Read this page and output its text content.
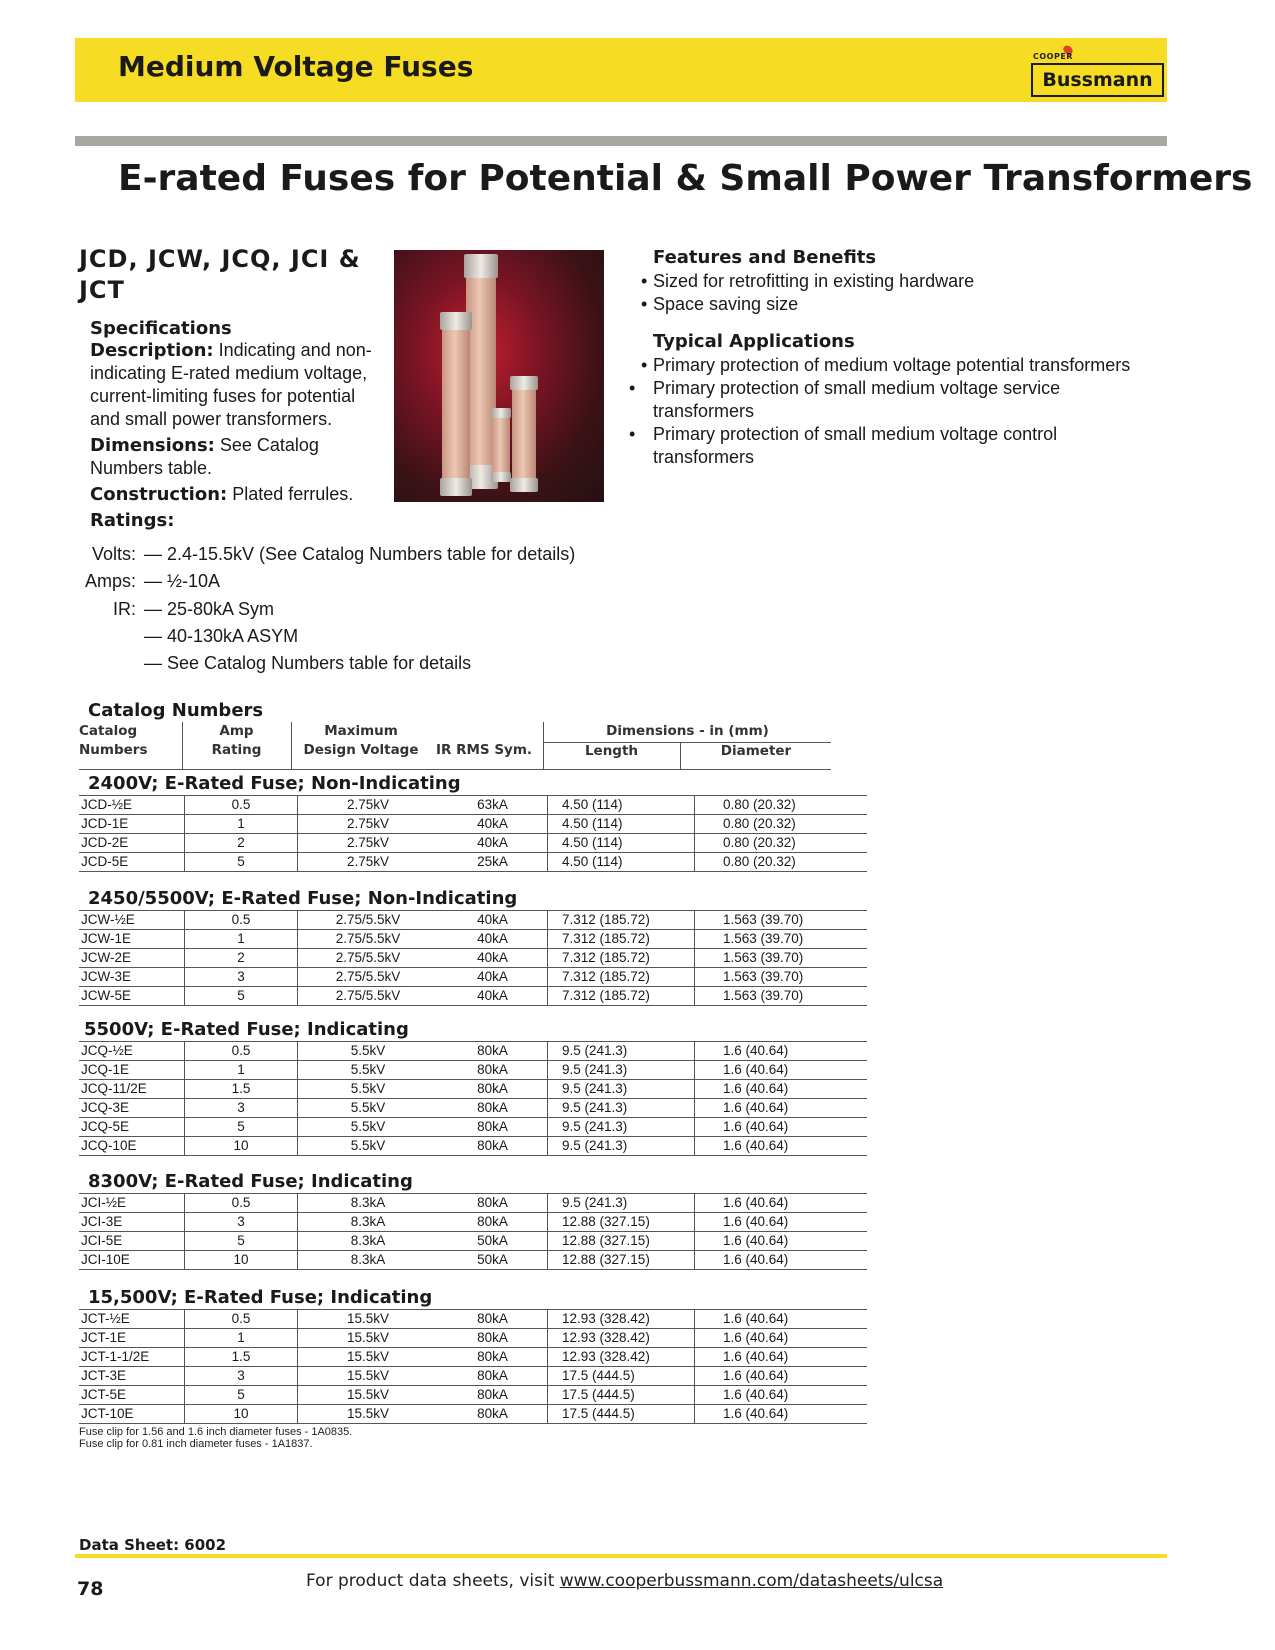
Medium Voltage Fuses	COOPER
Bussmann
E-rated Fuses for Potential & Small Power Transformers
JCD, JCW, JCQ, JCI & JCT
Specifications
Description: Indicating and non-indicating E-rated medium voltage, current-limiting fuses for potential and small power transformers.
Dimensions: See Catalog Numbers table.
Construction: Plated ferrules.
Ratings:
Volts: — 2.4-15.5kV (See Catalog Numbers table for details)
Amps: — ½-10A
IR: — 25-80kA Sym
— 40-130kA ASYM
— See Catalog Numbers table for details
Features and Benefits
• Sized for retrofitting in existing hardware
• Space saving size
Typical Applications
• Primary protection of medium voltage potential transformers
• Primary protection of small medium voltage service transformers
• Primary protection of small medium voltage control transformers
Catalog Numbers
Catalog
Numbers
Amp
Rating
Maximum
Design Voltage	IR RMS Sym.
Dimensions - in (mm)
Length	Diameter
2400V; E-Rated Fuse; Non-Indicating
JCD-½E	0.5	2.75kV	63kA	4.50 (114)	0.80 (20.32)
JCD-1E	1	2.75kV	40kA	4.50 (114)	0.80 (20.32)
JCD-2E	2	2.75kV	40kA	4.50 (114)	0.80 (20.32)
JCD-5E	5	2.75kV	25kA	4.50 (114)	0.80 (20.32)
2450/5500V; E-Rated Fuse; Non-Indicating
JCW-½E	0.5	2.75/5.5kV	40kA	7.312 (185.72)	1.563 (39.70)
JCW-1E	1	2.75/5.5kV	40kA	7.312 (185.72)	1.563 (39.70)
JCW-2E	2	2.75/5.5kV	40kA	7.312 (185.72)	1.563 (39.70)
JCW-3E	3	2.75/5.5kV	40kA	7.312 (185.72)	1.563 (39.70)
JCW-5E	5	2.75/5.5kV	40kA	7.312 (185.72)	1.563 (39.70)
5500V; E-Rated Fuse; Indicating
JCQ-½E	0.5	5.5kV	80kA	9.5 (241.3)	1.6 (40.64)
JCQ-1E	1	5.5kV	80kA	9.5 (241.3)	1.6 (40.64)
JCQ-11/2E	1.5	5.5kV	80kA	9.5 (241.3)	1.6 (40.64)
JCQ-3E	3	5.5kV	80kA	9.5 (241.3)	1.6 (40.64)
JCQ-5E	5	5.5kV	80kA	9.5 (241.3)	1.6 (40.64)
JCQ-10E	10	5.5kV	80kA	9.5 (241.3)	1.6 (40.64)
8300V; E-Rated Fuse; Indicating
JCI-½E	0.5	8.3kA	80kA	9.5 (241.3)	1.6 (40.64)
JCI-3E	3	8.3kA	80kA	12.88 (327.15)	1.6 (40.64)
JCI-5E	5	8.3kA	50kA	12.88 (327.15)	1.6 (40.64)
JCI-10E	10	8.3kA	50kA	12.88 (327.15)	1.6 (40.64)
15,500V; E-Rated Fuse; Indicating
JCT-½E	0.5	15.5kV	80kA	12.93 (328.42)	1.6 (40.64)
JCT-1E	1	15.5kV	80kA	12.93 (328.42)	1.6 (40.64)
JCT-1-1/2E	1.5	15.5kV	80kA	12.93 (328.42)	1.6 (40.64)
JCT-3E	3	15.5kV	80kA	17.5 (444.5)	1.6 (40.64)
JCT-5E	5	15.5kV	80kA	17.5 (444.5)	1.6 (40.64)
JCT-10E	10	15.5kV	80kA	17.5 (444.5)	1.6 (40.64)
Fuse clip for 1.56 and 1.6 inch diameter fuses - 1A0835.
Fuse clip for 0.81 inch diameter fuses - 1A1837.
Data Sheet: 6002
78	For product data sheets, visit www.cooperbussmann.com/datasheets/ulcsa
